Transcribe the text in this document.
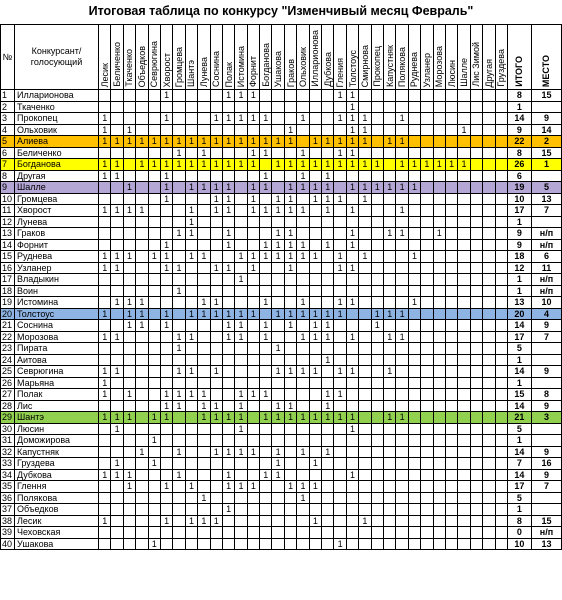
Итоговая таблица по конкурсу "Изменчивый месяц Февраль"
№	Конкурсант/ голосующий	Лесик	Беличенко	Ткаченко	Объедков	Севрюгина	Хворост	Громцева	Шантэ	Лунева	Соснина	Полак	Истомина	Форнит	Богданова	Ушакова	Граков	Ольховик	Илларионова	Дубкова	Гления	Толстоус	Смирнова	Прокопец	Капустняк	Полякова	Руднева	Узланер	Морозова	Люсин	Шалле	Лис Зимой	Другая	Груздева	ИТОГО	МЕСТО
1	Илларионова						1					1	1	1							1	1													8	15
2	Ткаченко																					1													1	
3	Прокопец	1					1				1	1	1	1	1			1			1	1	1			1									14	9
4	Ольховик	1		1													1					1	1								1				9	14
5	Алиева	1	1	1	1	1	1	1	1	1	1	1	1	1	1	1	1		1	1	1	1	1		1	1									22	2
6	Беличенко							1		1				1	1			1			1	1													8	15
7	Богданова	1	1		1	1	1	1	1	1	1	1	1	1		1	1	1	1	1	1	1	1	1		1	1	1	1	1	1				26	1
8	Другая	1	1				1								1			1		1															6	
9	Шалле			1			1		1	1	1	1		1	1		1	1	1	1		1	1	1	1	1	1								19	5
10	Громцева						1				1	1		1		1	1		1	1	1		1												10	13
11	Хворост	1	1	1	1				1		1	1		1	1	1	1	1		1		1				1									17	7
12	Лунева								1																										1	
13	Граков							1	1			1				1	1					1			1	1			1						9	н/п
14	Форнит						1					1			1	1	1	1		1		1													9	н/п
15	Руднева	1	1	1		1	1		1	1			1	1	1	1	1	1	1		1		1				1								18	6
16	Узланер	1	1				1	1			1	1		1			1				1	1													12	11
17	Владыкин												1																						1	н/п
18	Воин							1																											1	н/п
19	Истомина		1	1	1					1	1				1			1			1	1					1								13	10
20	Толстоус	1		1	1		1		1	1	1	1	1	1		1	1	1	1	1	1			1	1	1									20	4
21	Соснина			1	1		1					1	1		1		1		1	1				1											14	9
22	Морозова	1	1					1	1			1	1		1			1	1	1		1			1	1									17	7
23	Пирата							1								1																			5	
24	Аитова																			1															1	
25	Севрюгина	1	1					1	1		1					1	1	1	1		1	1			1										14	9
26	Марьяна	1																																	1	
27	Полак	1		1			1	1	1	1			1	1	1					1	1														15	8
28	Лис						1	1		1	1		1			1	1			1															14	9
29	Шантэ	1	1	1		1	1			1	1	1	1		1	1	1	1	1	1	1	1			1	1									21	3
30	Люсин		1										1									1													5	
31	Доможирова					1																													1	
32	Капустняк				1			1			1	1	1	1		1		1		1															14	9
33	Груздева		1			1										1			1																7	16
34	Дубкова	1	1	1				1				1			1	1						1													14	9
35	Глення			1			1		1			1	1	1			1	1	1																17	7
36	Полякова									1								1																	5	
37	Объедков											1																							1	
38	Лесик	1					1		1	1	1								1				1												8	15
39	Чеховская																																		0	н/п
40	Ушакова					1															1														10	13
